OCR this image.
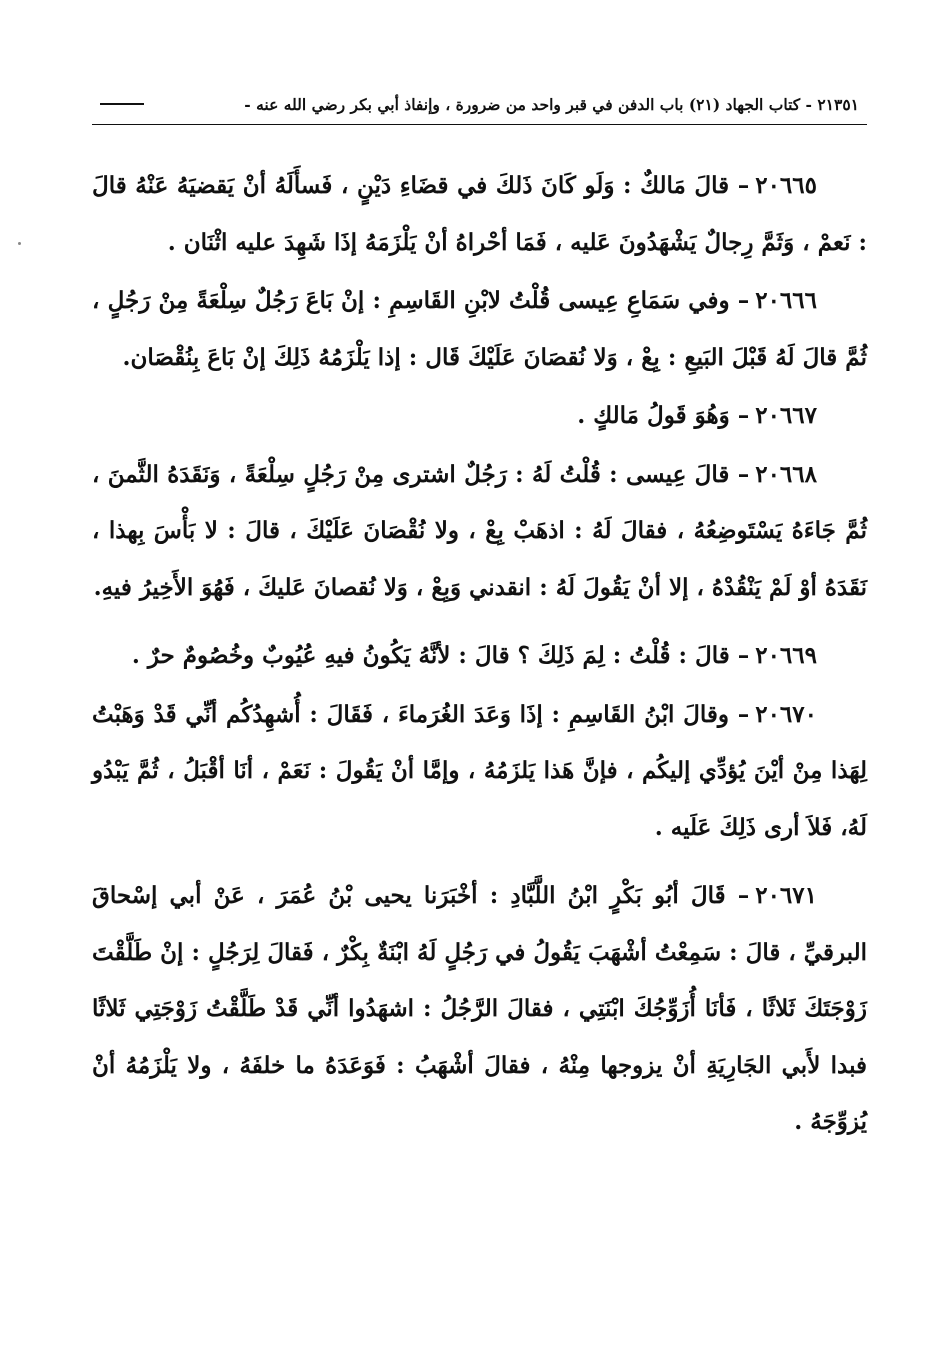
٣٥١
٢١ - كتاب الجهاد (٢١) باب الدفن في قبر واحد من ضرورة ، وإنفاذ أبي بكر رضي الله عنه -

٢٠٦٦٥– قالَ مَالكٌ : وَلَو كَانَ ذَلكَ في قضَاءِ دَيْنٍ ، فَسأَلَهُ أنْ يَقضيَهُ عَنْهُ قالَ : نَعمْ ، وَثَمَّ رِجالٌ يَشْهَدُونَ عَليه ، فَمَا أحْراهُ أنْ يَلْزَمَهُ إذَا شَهِدَ عليه اثْنَان .

٢٠٦٦٦– وفي سَمَاعِ عِيسى قُلْتُ لابْنِ القَاسِمِ : إنْ بَاعَ رَجُلٌ سِلْعَةً مِنْ رَجُلٍ ، ثُمَّ قالَ لَهُ قَبْلَ البَيعِ : بِعْ ، وَلا نُقصَانَ عَلَيْكَ قَال : إذا يَلْزَمُهُ ذَلِكَ إنْ بَاعَ بِنُقْصَان.

٢٠٦٦٧– وَهُوَ قَولُ مَالكٍ .

٢٠٦٦٨– قالَ عِيسى : قُلْتُ لَهُ : رَجُلٌ اشترى مِنْ رَجُلٍ سِلْعَةً ، وَنَقَدَهُ الثَّمنَ ، ثُمَّ جَاءَهُ يَسْتَوضِعُهُ ، فقالَ لَهُ : اذهَبْ بِعْ ، ولا نُقْصَانَ عَلَيْكَ ، قالَ : لا بَأْسَ بِهذا ، نَقَدَهُ أوْ لَمْ يَنْقُدْهُ ، إلا أنْ يَقُولَ لَهُ : انقدني وَبِعْ ، وَلا نُقصانَ عَليكَ ، فَهُوَ الأَخِيرُ فيهِ.

٢٠٦٦٩– قالَ : قُلْتُ : لِمَ ذَلِكَ ؟ قالَ : لأنَّهُ يَكُونُ فيهِ عُيُوبٌ وخُصُومٌ حرٌ .

٢٠٦٧٠– وقالَ ابْنُ القَاسِمِ : إذَا وَعَدَ الغُرَماءَ ، فَقَالَ : أُشهِدُكُم أنِّي قَدْ وَهَبْتُ لِهَذا مِنْ أيْنَ يُؤدِّي إليكُم ، فإنَّ هَذا يَلزَمُهُ ، وإمَّا أنْ يَقُولَ : نَعَمْ ، أنَا أقْبَلُ ، ثُمَّ يَبْدُو لَهُ، فَلاَ أرى ذَلِكَ عَلَيه .

٢٠٦٧١– قَالَ أبُو بَكْرٍ ابْنُ اللَّبَّادِ : أخْبَرَنا يحيى بْنُ عُمَرَ ، عَنْ أبي إسْحاقَ البرقيِّ ، قالَ : سَمِعْتُ أشْهَبَ يَقُولُ في رَجُلٍ لَهُ ابْنَةٌ بِكْرٌ ، فَقالَ لِرَجُلٍ : إنْ طَلَّقْتَ زَوْجَتَكَ ثَلاثًا ، فَأنَا أُزَوِّجُكَ ابْنَتِي ، فقالَ الرَّجُلُ : اشهَدُوا أنِّي قَدْ طَلَّقْتُ زَوْجَتِي ثَلاثًا فبدا لأَبي الجَارِيَةِ أنْ يزوجها مِنْهُ ، فقالَ أشْهَبُ : فَوَعَدَهُ ما خلفَهُ ، ولا يَلْزَمُهُ أنْ يُزوِّجَهُ .
